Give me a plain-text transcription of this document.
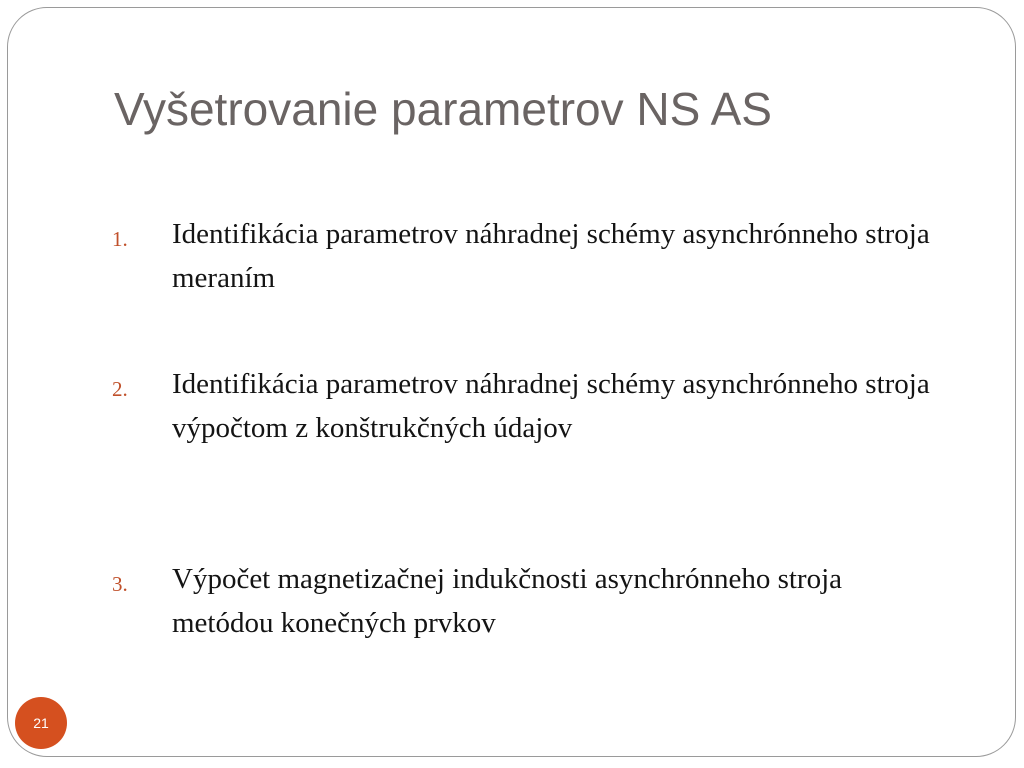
Vyšetrovanie parametrov NS AS
1. Identifikácia parametrov náhradnej schémy asynchrónneho stroja meraním
2. Identifikácia parametrov náhradnej schémy asynchrónneho stroja výpočtom z konštrukčných údajov
3. Výpočet magnetizačnej indukčnosti asynchrónneho stroja metódou konečných prvkov
21
